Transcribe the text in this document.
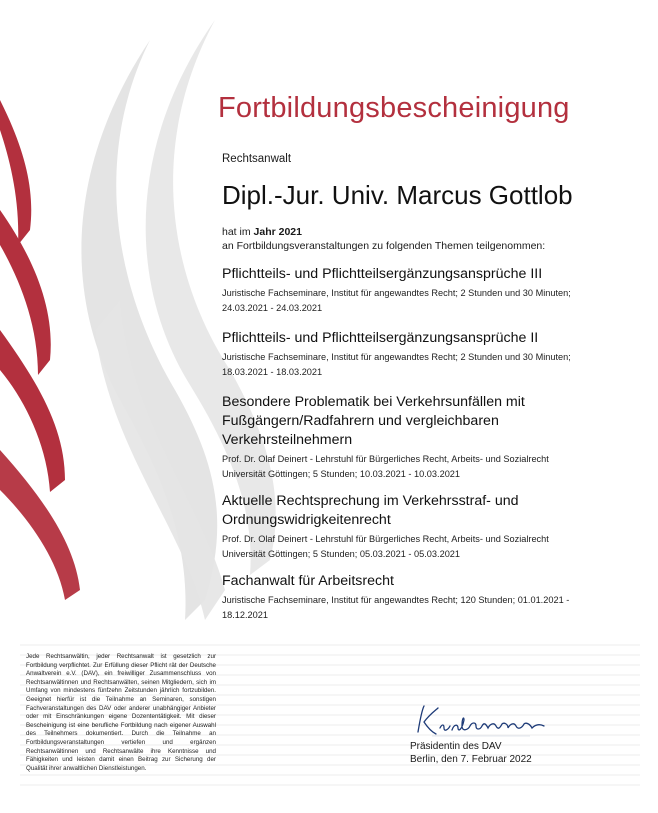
Fortbildungsbescheinigung
Rechtsanwalt
Dipl.-Jur. Univ. Marcus Gottlob
hat im Jahr 2021
an Fortbildungsveranstaltungen zu folgenden Themen teilgenommen:
Pflichtteils- und Pflichtteilsergänzungsansprüche III
Juristische Fachseminare, Institut für angewandtes Recht; 2 Stunden und 30 Minuten; 24.03.2021 - 24.03.2021
Pflichtteils- und Pflichtteilsergänzungsansprüche II
Juristische Fachseminare, Institut für angewandtes Recht; 2 Stunden und 30 Minuten; 18.03.2021 - 18.03.2021
Besondere Problematik bei Verkehrsunfällen mit Fußgängern/Radfahrern und vergleichbaren Verkehrsteilnehmern
Prof. Dr. Olaf Deinert - Lehrstuhl für Bürgerliches Recht, Arbeits- und Sozialrecht Universität Göttingen; 5 Stunden; 10.03.2021 - 10.03.2021
Aktuelle Rechtsprechung im Verkehrsstraf- und Ordnungswidrigkeitenrecht
Prof. Dr. Olaf Deinert - Lehrstuhl für Bürgerliches Recht, Arbeits- und Sozialrecht Universität Göttingen; 5 Stunden; 05.03.2021 - 05.03.2021
Fachanwalt für Arbeitsrecht
Juristische Fachseminare, Institut für angewandtes Recht; 120 Stunden; 01.01.2021 - 18.12.2021
Jede Rechtsanwältin, jeder Rechtsanwalt ist gesetzlich zur Fortbildung verpflichtet. Zur Erfüllung dieser Pflicht rät der Deutsche Anwaltverein e.V. (DAV), ein freiwilliger Zusammenschluss von Rechtsanwältinnen und Rechtsanwälten, seinen Mitgliedern, sich im Umfang von mindestens fünfzehn Zeitstunden jährlich fortzubilden. Geeignet hierfür ist die Teilnahme an Seminaren, sonstigen Fachveranstaltungen des DAV oder anderer unabhängiger Anbieter oder mit Einschränkungen eigene Dozententätigkeit. Mit dieser Bescheinigung ist eine berufliche Fortbildung nach eigener Auswahl des Teilnehmers dokumentiert. Durch die Teilnahme an Fortbildungsveranstaltungen vertiefen und ergänzen Rechtsanwältinnen und Rechtsanwälte ihre Kenntnisse und Fähigkeiten und leisten damit einen Beitrag zur Sicherung der Qualität ihrer anwaltlichen Dienstleistungen.
Präsidentin des DAV
Berlin, den 7. Februar 2022
